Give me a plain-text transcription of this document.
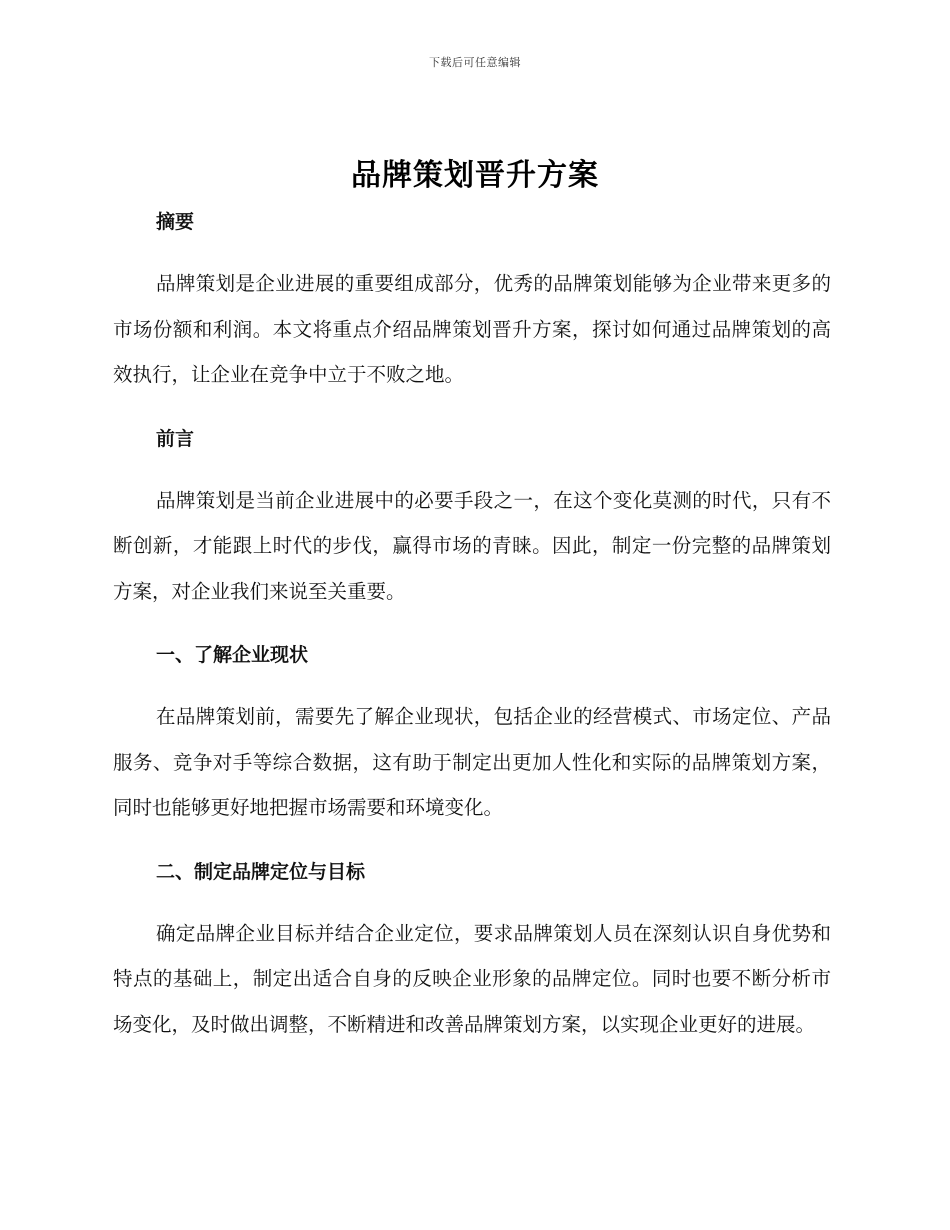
下载后可任意编辑
品牌策划晋升方案
摘要

品牌策划是企业进展的重要组成部分，优秀的品牌策划能够为企业带来更多的市场份额和利润。本文将重点介绍品牌策划晋升方案，探讨如何通过品牌策划的高效执行，让企业在竞争中立于不败之地。

前言

品牌策划是当前企业进展中的必要手段之一，在这个变化莫测的时代，只有不断创新，才能跟上时代的步伐，赢得市场的青睐。因此，制定一份完整的品牌策划方案，对企业我们来说至关重要。

一、了解企业现状

在品牌策划前，需要先了解企业现状，包括企业的经营模式、市场定位、产品服务、竞争对手等综合数据，这有助于制定出更加人性化和实际的品牌策划方案，同时也能够更好地把握市场需要和环境变化。

二、制定品牌定位与目标

确定品牌企业目标并结合企业定位，要求品牌策划人员在深刻认识自身优势和特点的基础上，制定出适合自身的反映企业形象的品牌定位。同时也要不断分析市场变化，及时做出调整，不断精进和改善品牌策划方案，以实现企业更好的进展。
